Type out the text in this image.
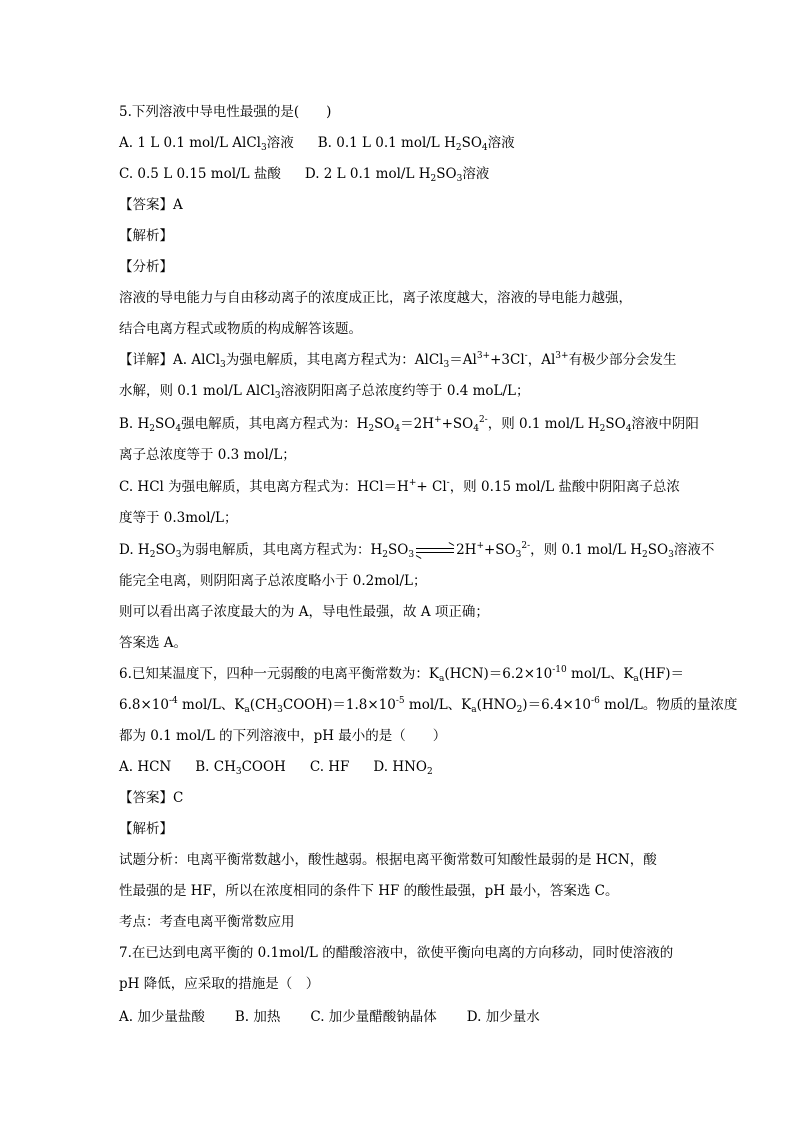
5.下列溶液中导电性最强的是(　　)
A. 1 L 0.1 mol/L AlCl$_3$溶液 B. 0.1 L 0.1 mol/L $H_2SO_4$溶液
C. 0.5 L 0.15 mol/L 盐酸 D. 2 L 0.1 mol/L $H_2SO_3$溶液
【答案】A
【解析】
【分析】
溶液的导电能力与自由移动离子的浓度成正比，离子浓度越大，溶液的导电能力越强，
结合电离方程式或物质的构成解答该题。
【详解】A. AlCl$_3$为强电解质，其电离方程式为：$AlCl_3=Al^{3+}+3Cl^-$，$Al^{3+}$有极少部分会发生
水解，则 0.1 mol/L AlCl$_3$溶液阴阳离子总浓度约等于 0.4 moL/L；
B. $H_2SO_4$强电解质，其电离方程式为：$H_2SO_4=2H^++SO_4^{2-}$，则 0.1 mol/L $H_2SO_4$溶液中阴阳
离子总浓度等于 0.3 mol/L；
C. HCl 为强电解质，其电离方程式为：HCl＝H++ Cl-，则 0.15 mol/L 盐酸中阴阳离子总浓
度等于 0.3mol/L；
D. $H_2SO_3$为弱电解质，其电离方程式为：$H_2SO_3$	$2H^++SO_3^{2-}$，则 0.1 mol/L $H_2SO_3$溶液不
能完全电离，则阴阳离子总浓度略小于 0.2mol/L；
则可以看出离子浓度最大的为 A，导电性最强，故 A 项正确；
答案选 A。
6.已知某温度下，四种一元弱酸的电离平衡常数为：$K_a(HCN)=6.2\times 10^{-10}$ mol/L、$K_a(HF)=$
$6.8\times 10^{-4}$ mol/L、$K_a(CH_3COOH)=1.8\times 10^{-5}$ mol/L、$K_a(HNO_2)=6.4\times 10^{-6}$ mol/L。物质的量浓度
都为 0.1 mol/L 的下列溶液中，pH 最小的是（　　）
A. HCN B. $CH_3COOH$ C. HF D. $HNO_2$
【答案】C
【解析】
试题分析：电离平衡常数越小，酸性越弱。根据电离平衡常数可知酸性最弱的是 HCN，酸
性最强的是 HF，所以在浓度相同的条件下 HF 的酸性最强，pH 最小，答案选 C。
考点：考查电离平衡常数应用
7.在已达到电离平衡的 0.1mol/L 的醋酸溶液中，欲使平衡向电离的方向移动，同时使溶液的
pH 降低，应采取的措施是（　）
A. 加少量盐酸 B. 加热 C. 加少量醋酸钠晶体 D. 加少量水
